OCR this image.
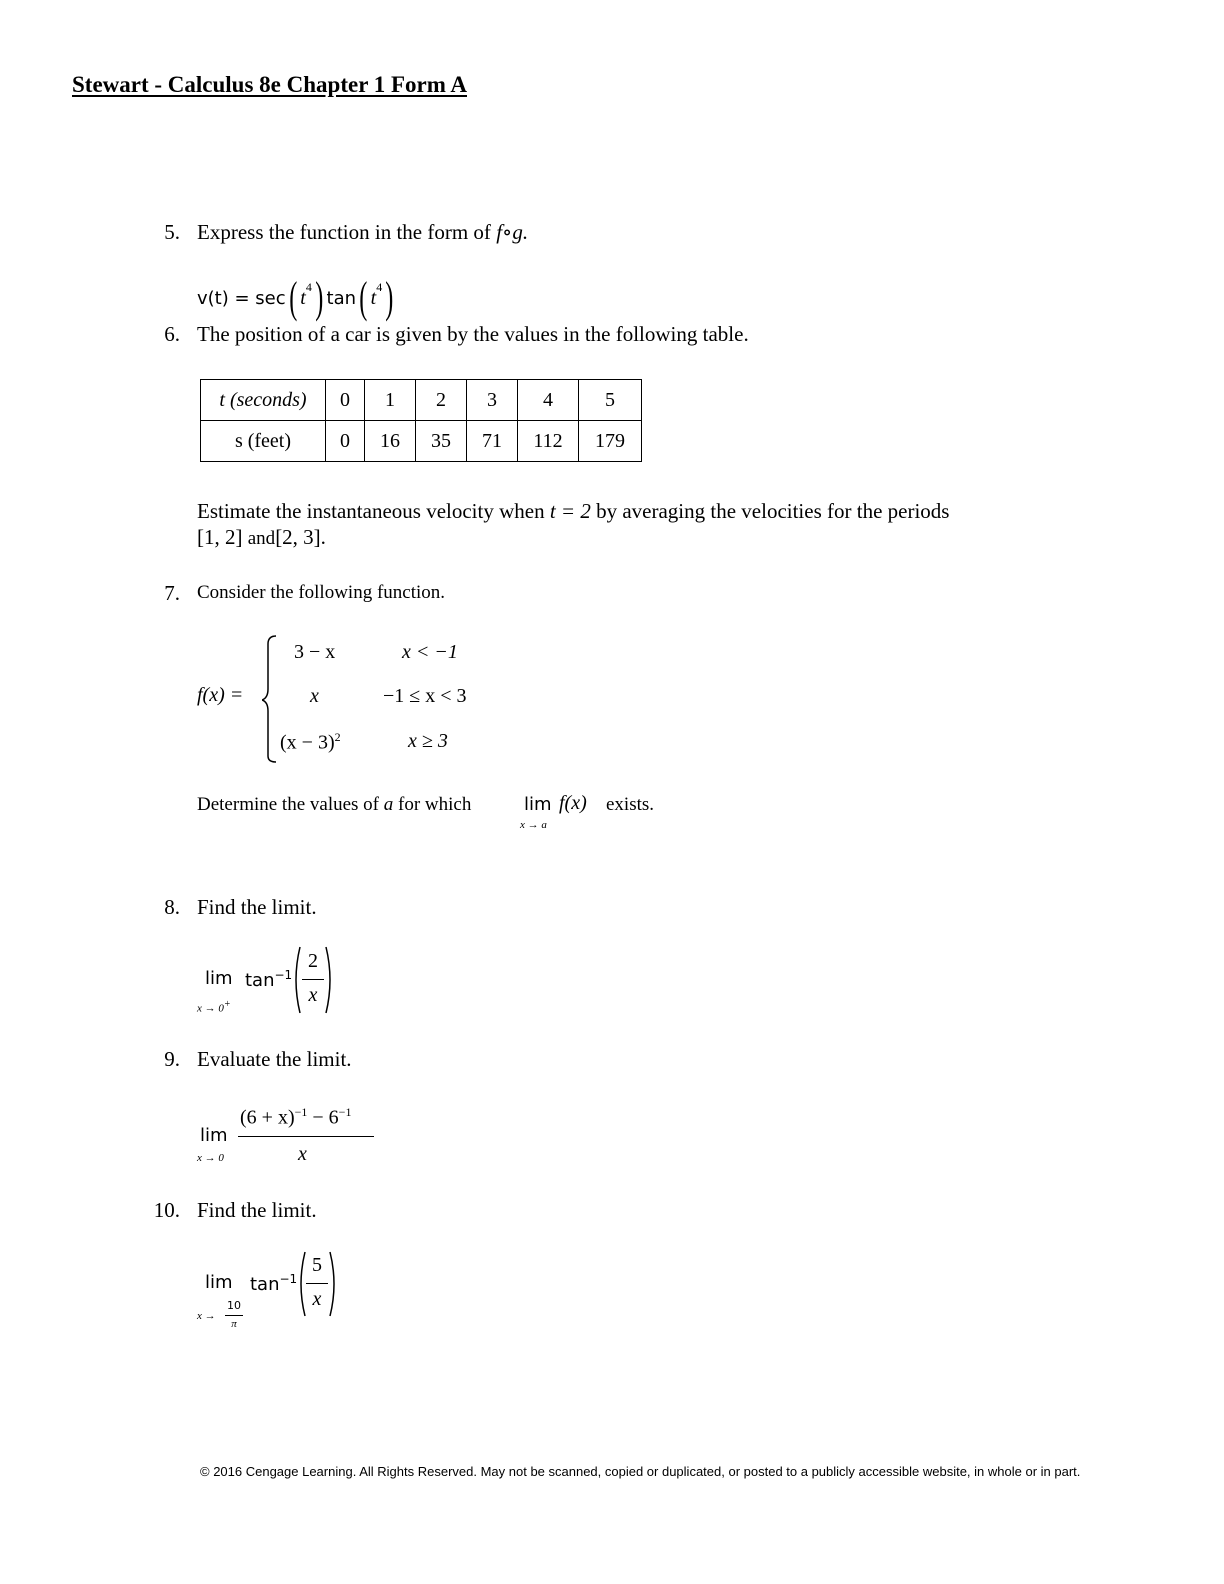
Stewart - Calculus 8e Chapter 1 Form A
5. Express the function in the form of f∘g.
v(t) = sec ( $t^4$ ) tan ( $t^4$ )
6. The position of a car is given by the values in the following table.
t (seconds)	0	1	2	3	4	5
s (feet)	0	16	35	71	112	179
Estimate the instantaneous velocity when t = 2 by averaging the velocities for the periods
[1, 2] and[2, 3].
7. Consider the following function.
f(x) =
3 − x	x < −1
x	−1 ≤ x < 3
$(x - 3)^2$	x ≥ 3
Determine the values of a for which	lim
x → a
f(x) exists.
8. Find the limit.
lim
x → 0+
$\tan^{-1}$
2
x
9. Evaluate the limit.
lim
x → 0
$(6 + x)^{-1} - 6^{-1}$
x
10. Find the limit.
lim
x →
10
π
$\tan^{-1}$
5
x
© 2016 Cengage Learning. All Rights Reserved. May not be scanned, copied or duplicated, or posted to a publicly accessible website, in whole or in part.
